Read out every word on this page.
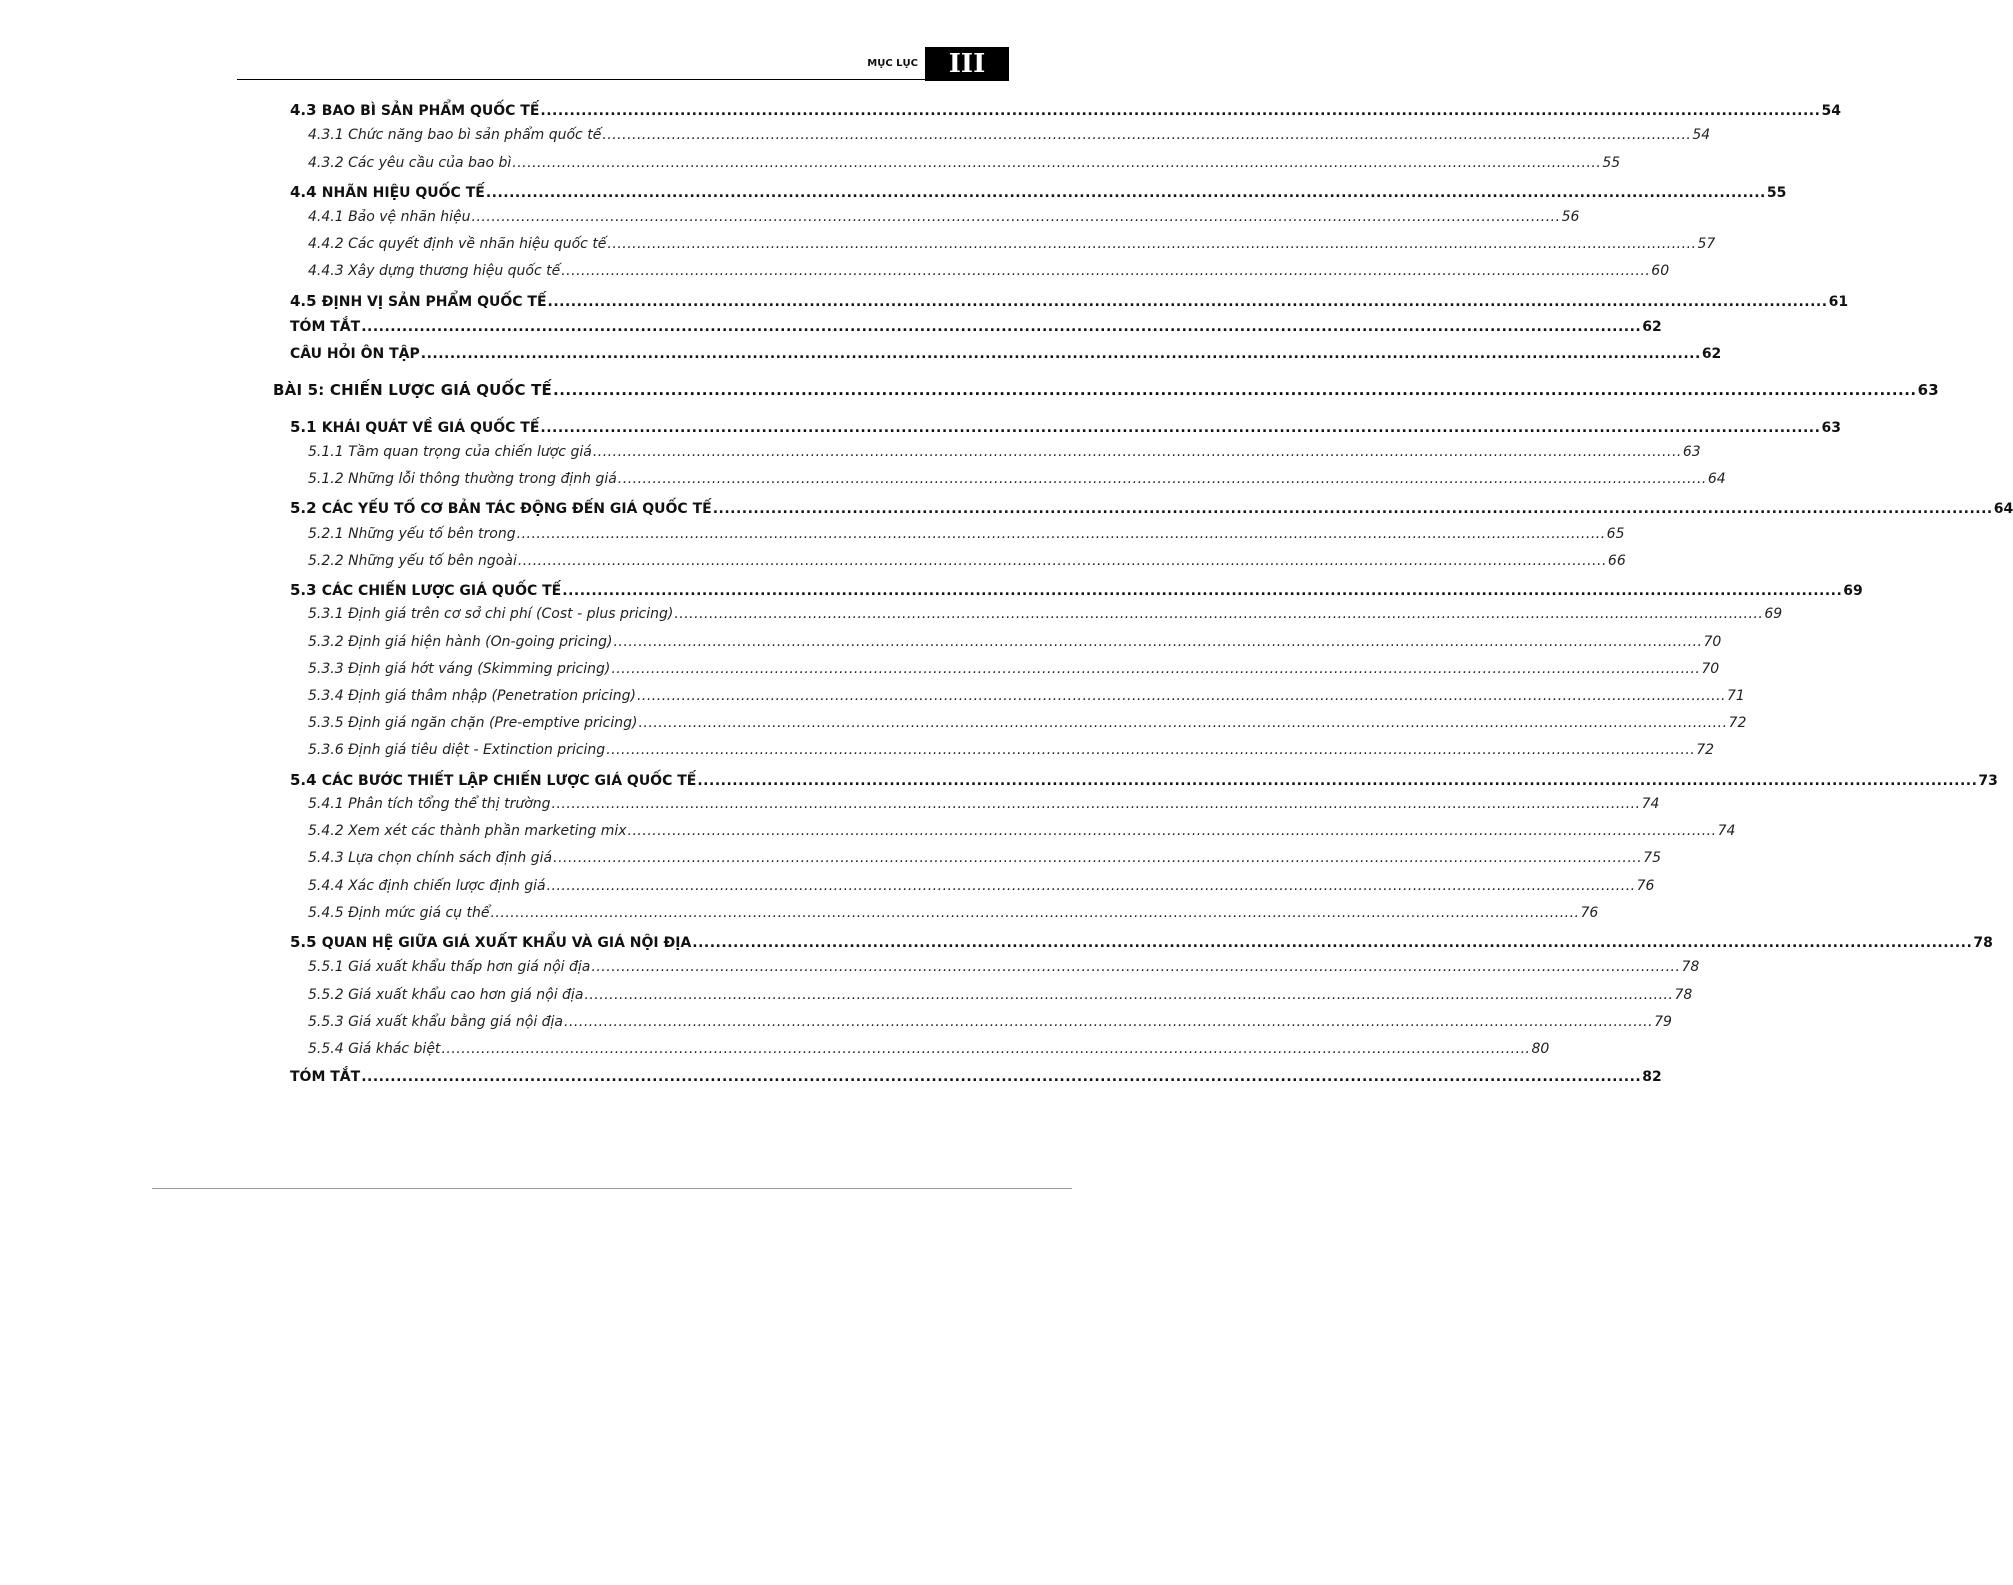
MỤC LỤC	III
4.3 BAO BÌ SẢN PHẨM QUỐC TẾ ............................................................................................................................................................................................................................ 54
4.3.1 Chức năng bao bì sản phẩm quốc tế ............................................................................................................................................................................................................................ 54
4.3.2 Các yêu cầu của bao bì ............................................................................................................................................................................................................................ 55
4.4 NHÃN HIỆU QUỐC TẾ ............................................................................................................................................................................................................................ 55
4.4.1 Bảo vệ nhãn hiệu ............................................................................................................................................................................................................................ 56
4.4.2 Các quyết định về nhãn hiệu quốc tế ............................................................................................................................................................................................................................ 57
4.4.3 Xây dựng thương hiệu quốc tế ............................................................................................................................................................................................................................ 60
4.5 ĐỊNH VỊ SẢN PHẨM QUỐC TẾ ............................................................................................................................................................................................................................ 61
TÓM TẮT ............................................................................................................................................................................................................................ 62
CÂU HỎI ÔN TẬP ............................................................................................................................................................................................................................ 62
BÀI 5: CHIẾN LƯỢC GIÁ QUỐC TẾ ............................................................................................................................................................................................................................ 63
5.1 KHÁI QUÁT VỀ GIÁ QUỐC TẾ ............................................................................................................................................................................................................................ 63
5.1.1 Tầm quan trọng của chiến lược giá ............................................................................................................................................................................................................................ 63
5.1.2 Những lỗi thông thường trong định giá ............................................................................................................................................................................................................................ 64
5.2 CÁC YẾU TỐ CƠ BẢN TÁC ĐỘNG ĐẾN GIÁ QUỐC TẾ ............................................................................................................................................................................................................................ 64
5.2.1 Những yếu tố bên trong ............................................................................................................................................................................................................................ 65
5.2.2 Những yếu tố bên ngoài ............................................................................................................................................................................................................................ 66
5.3 CÁC CHIẾN LƯỢC GIÁ QUỐC TẾ ............................................................................................................................................................................................................................ 69
5.3.1 Định giá trên cơ sở chi phí (Cost - plus pricing) ............................................................................................................................................................................................................................ 69
5.3.2 Định giá hiện hành (On-going pricing) ............................................................................................................................................................................................................................ 70
5.3.3 Định giá hớt váng (Skimming pricing) ............................................................................................................................................................................................................................ 70
5.3.4 Định giá thâm nhập (Penetration pricing) ............................................................................................................................................................................................................................ 71
5.3.5 Định giá ngăn chặn (Pre-emptive pricing) ............................................................................................................................................................................................................................ 72
5.3.6 Định giá tiêu diệt - Extinction pricing ............................................................................................................................................................................................................................ 72
5.4 CÁC BƯỚC THIẾT LẬP CHIẾN LƯỢC GIÁ QUỐC TẾ ............................................................................................................................................................................................................................ 73
5.4.1 Phân tích tổng thể thị trường ............................................................................................................................................................................................................................ 74
5.4.2 Xem xét các thành phần marketing mix ............................................................................................................................................................................................................................ 74
5.4.3 Lựa chọn chính sách định giá ............................................................................................................................................................................................................................ 75
5.4.4 Xác định chiến lược định giá ............................................................................................................................................................................................................................ 76
5.4.5 Định mức giá cụ thể ............................................................................................................................................................................................................................ 76
5.5 QUAN HỆ GIỮA GIÁ XUẤT KHẨU VÀ GIÁ NỘI ĐỊA ............................................................................................................................................................................................................................ 78
5.5.1 Giá xuất khẩu thấp hơn giá nội địa ............................................................................................................................................................................................................................ 78
5.5.2 Giá xuất khẩu cao hơn giá nội địa ............................................................................................................................................................................................................................ 78
5.5.3 Giá xuất khẩu bằng giá nội địa ............................................................................................................................................................................................................................ 79
5.5.4 Giá khác biệt ............................................................................................................................................................................................................................ 80
TÓM TẮT ............................................................................................................................................................................................................................ 82
